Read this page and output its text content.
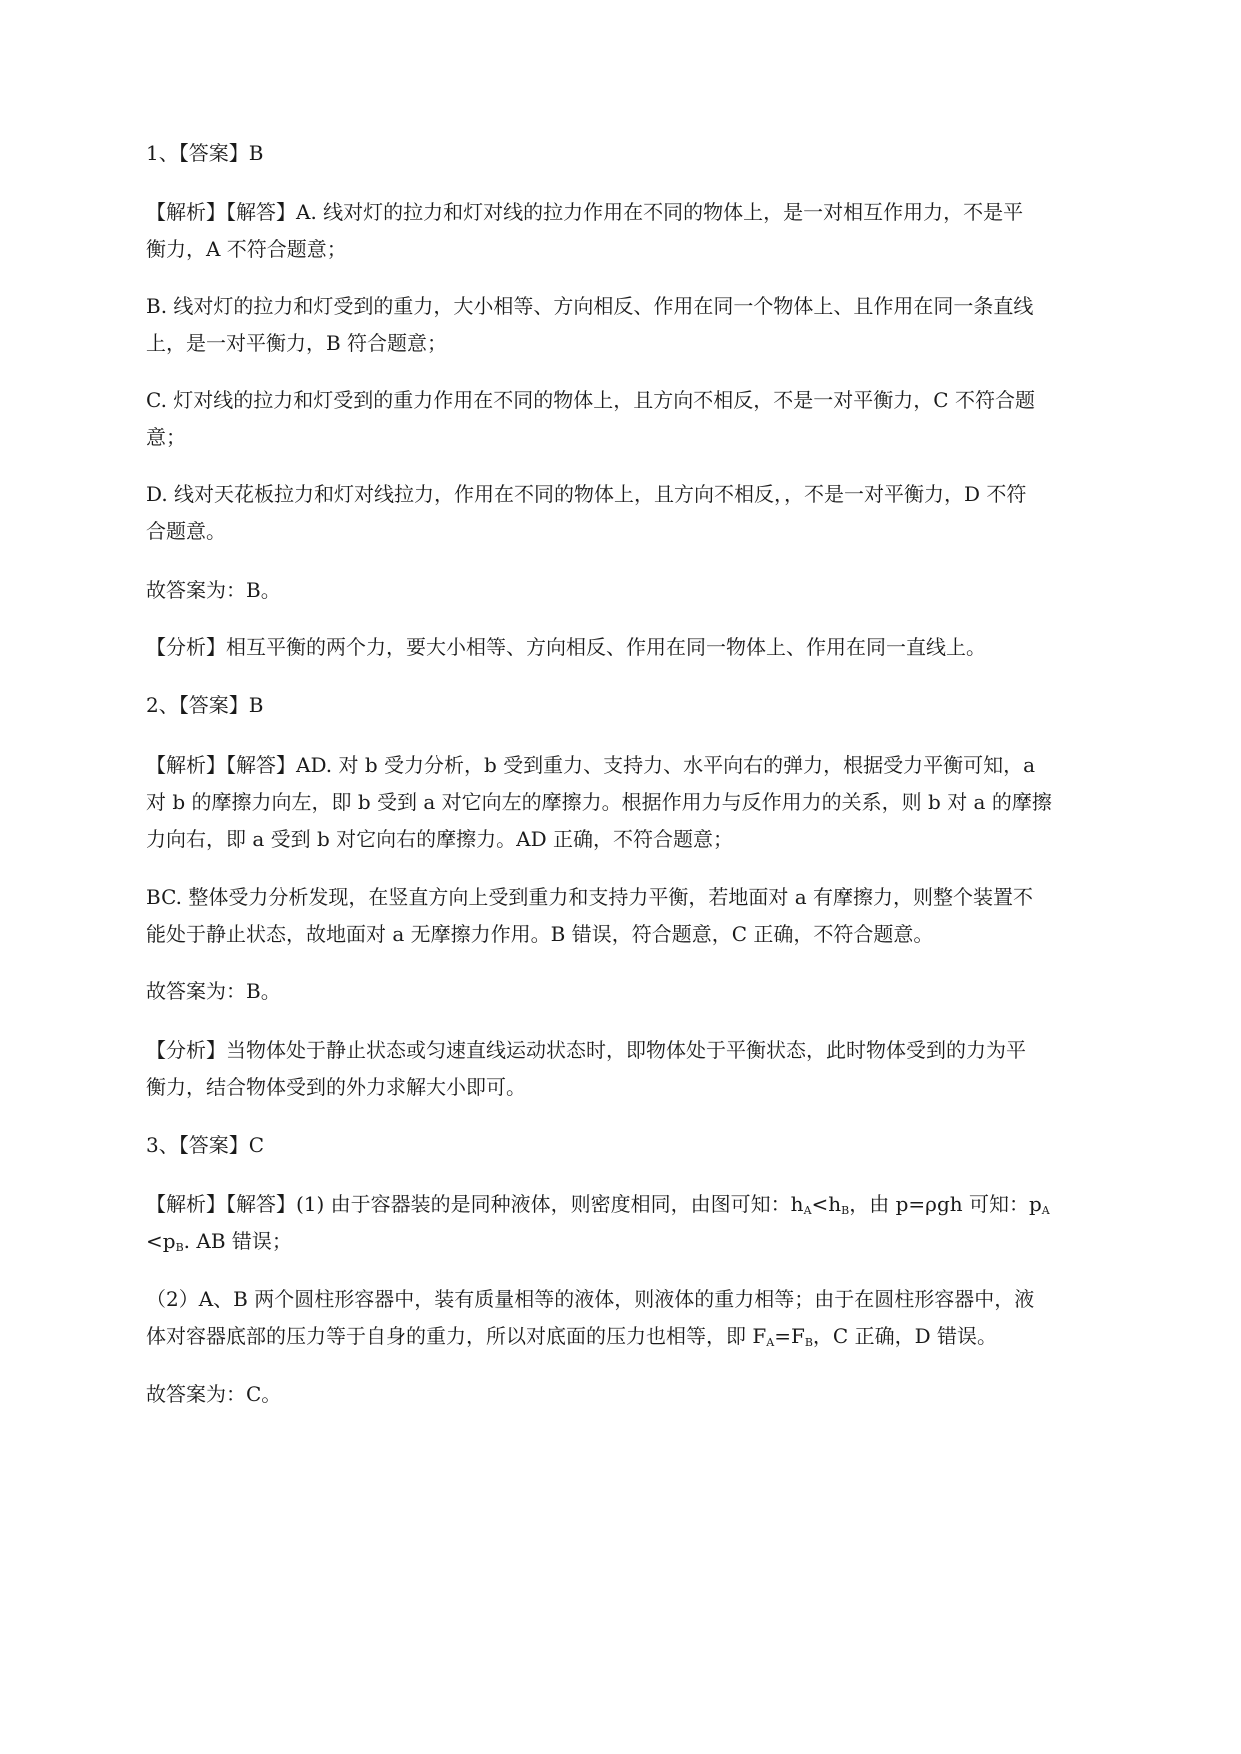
1、【答案】B

【解析】【解答】A. 线对灯的拉力和灯对线的拉力作用在不同的物体上，是一对相互作用力，不是平

衡力，A 不符合题意；

B. 线对灯的拉力和灯受到的重力，大小相等、方向相反、作用在同一个物体上、且作用在同一条直线

上，是一对平衡力，B 符合题意；

C. 灯对线的拉力和灯受到的重力作用在不同的物体上，且方向不相反，不是一对平衡力，C 不符合题

意；

D. 线对天花板拉力和灯对线拉力，作用在不同的物体上，且方向不相反，，不是一对平衡力，D 不符

合题意。

故答案为：B。

【分析】相互平衡的两个力，要大小相等、方向相反、作用在同一物体上、作用在同一直线上。

2、【答案】B

【解析】【解答】AD. 对 b 受力分析，b 受到重力、支持力、水平向右的弹力，根据受力平衡可知，a

对 b 的摩擦力向左，即 b 受到 a 对它向左的摩擦力。根据作用力与反作用力的关系，则 b 对 a 的摩擦

力向右，即 a 受到 b 对它向右的摩擦力。AD 正确，不符合题意；

BC. 整体受力分析发现，在竖直方向上受到重力和支持力平衡，若地面对 a 有摩擦力，则整个装置不

能处于静止状态，故地面对 a 无摩擦力作用。B 错误，符合题意，C 正确，不符合题意。

故答案为：B。

【分析】当物体处于静止状态或匀速直线运动状态时，即物体处于平衡状态，此时物体受到的力为平

衡力，结合物体受到的外力求解大小即可。

3、【答案】C

【解析】【解答】(1) 由于容器装的是同种液体，则密度相同，由图可知：$h_A<h_B$，由 p=ρgh 可知：$p_A$

$<p_B$. AB 错误；

（2）A、B 两个圆柱形容器中，装有质量相等的液体，则液体的重力相等；由于在圆柱形容器中，液

体对容器底部的压力等于自身的重力，所以对底面的压力也相等，即 $F_A=F_B$，C 正确，D 错误。

故答案为：C。
